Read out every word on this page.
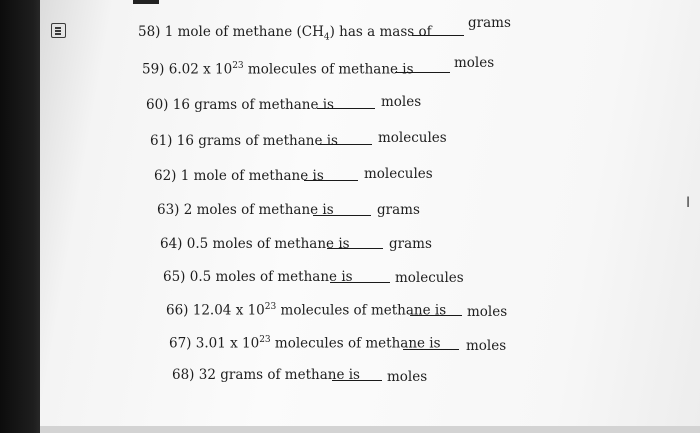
I
58) 1 mole of methane $(CH_4)$ has a mass of
grams
59) 6.02 x $10^{23}$ molecules of methane is	moles
60) 16 grams of methane is	moles
61) 16 grams of methane is	molecules
62) 1 mole of methane is	molecules
63) 2 moles of methane is	grams
64) 0.5 moles of methane is	grams
65) 0.5 moles of methane is	molecules
66) 12.04 x $10^{23}$ molecules of methane is moles
67) 3.01 x $10^{23}$ molecules of methane is moles
68) 32 grams of methane is moles
